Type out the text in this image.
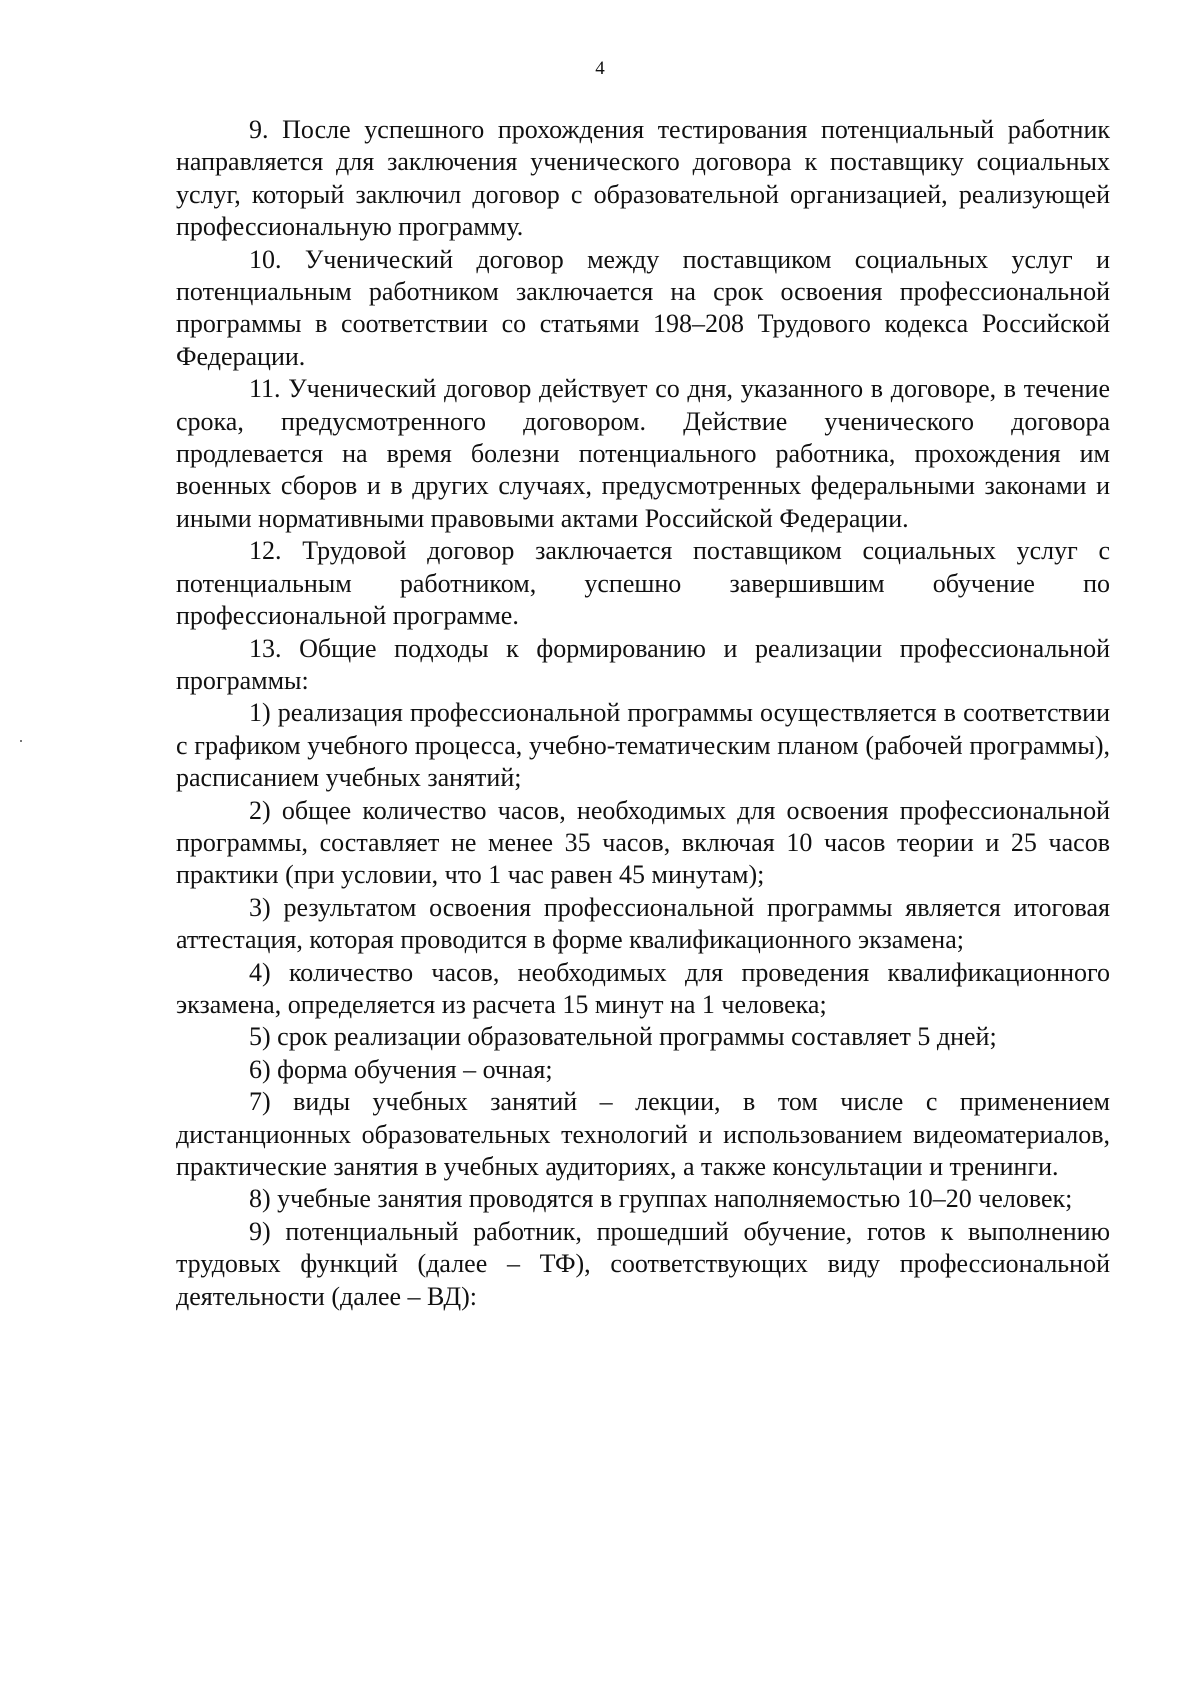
4

9. После успешного прохождения тестирования потенциальный работник направляется для заключения ученического договора к поставщику социальных услуг, который заключил договор с образовательной организацией, реализующей профессиональную программу.

10. Ученический договор между поставщиком социальных услуг и потенциальным работником заключается на срок освоения профессиональной программы в соответствии со статьями 198–208 Трудового кодекса Российской Федерации.

11. Ученический договор действует со дня, указанного в договоре, в течение срока, предусмотренного договором. Действие ученического договора продлевается на время болезни потенциального работника, прохождения им военных сборов и в других случаях, предусмотренных федеральными законами и иными нормативными правовыми актами Российской Федерации.

12. Трудовой договор заключается поставщиком социальных услуг с потенциальным работником, успешно завершившим обучение по профессиональной программе.

13. Общие подходы к формированию и реализации профессиональной программы:

1) реализация профессиональной программы осуществляется в соответствии с графиком учебного процесса, учебно-тематическим планом (рабочей программы), расписанием учебных занятий;

2) общее количество часов, необходимых для освоения профессиональной программы, составляет не менее 35 часов, включая 10 часов теории и 25 часов практики (при условии, что 1 час равен 45 минутам);

3) результатом освоения профессиональной программы является итоговая аттестация, которая проводится в форме квалификационного экзамена;

4) количество часов, необходимых для проведения квалификационного экзамена, определяется из расчета 15 минут на 1 человека;

5) срок реализации образовательной программы составляет 5 дней;

6) форма обучения – очная;

7) виды учебных занятий – лекции, в том числе с применением дистанционных образовательных технологий и использованием видеоматериалов, практические занятия в учебных аудиториях, а также консультации и тренинги.

8) учебные занятия проводятся в группах наполняемостью 10–20 человек;

9) потенциальный работник, прошедший обучение, готов к выполнению трудовых функций (далее – ТФ), соответствующих виду профессиональной деятельности (далее – ВД):
